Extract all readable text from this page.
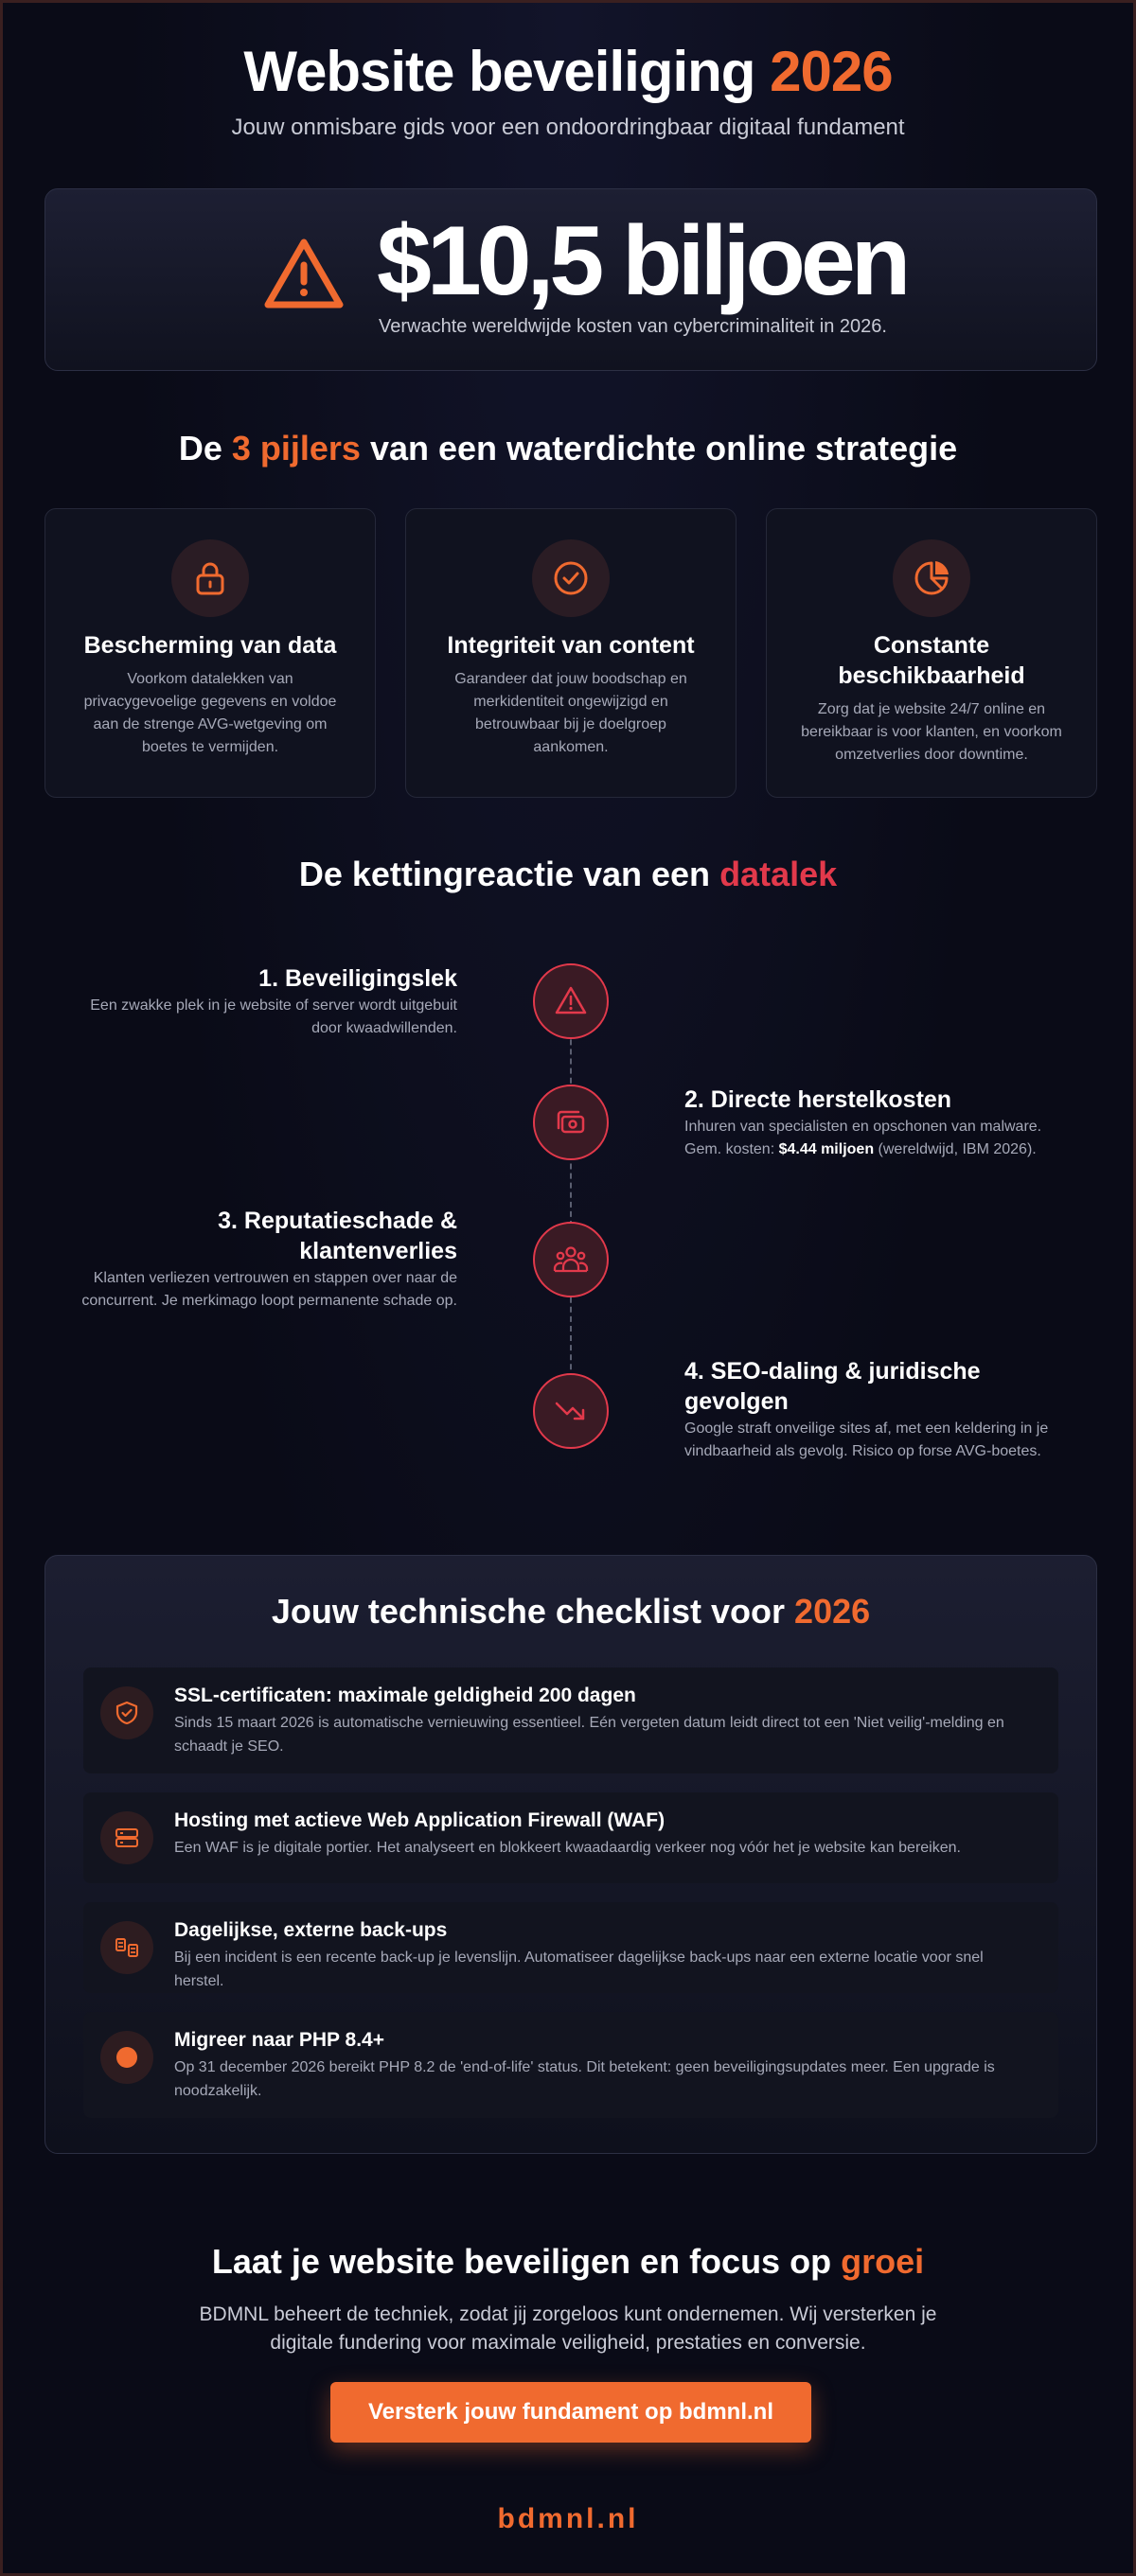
Website beveiliging 2026

Jouw onmisbare gids voor een ondoordringbaar digitaal fundament

$10,5 biljoen
Verwachte wereldwijde kosten van cybercriminaliteit in 2026.
De 3 pijlers van een waterdichte online strategie
Bescherming van data
Voorkom datalekken van privacygevoelige gegevens en voldoe aan de strenge AVG-wetgeving om boetes te vermijden.
Integriteit van content
Garandeer dat jouw boodschap en merkidentiteit ongewijzigd en betrouwbaar bij je doelgroep aankomen.
Constante beschikbaarheid
Zorg dat je website 24/7 online en bereikbaar is voor klanten, en voorkom omzetverlies door downtime.
De kettingreactie van een datalek
1. Beveiligingslek
Een zwakke plek in je website of server wordt uitgebuit door kwaadwillenden.
2. Directe herstelkosten
Inhuren van specialisten en opschonen van malware. Gem. kosten: $4.44 miljoen (wereldwijd, IBM 2026).
3. Reputatieschade & klantenverlies
Klanten verliezen vertrouwen en stappen over naar de concurrent. Je merkimago loopt permanente schade op.
4. SEO-daling & juridische gevolgen
Google straft onveilige sites af, met een keldering in je vindbaarheid als gevolg. Risico op forse AVG-boetes.
Jouw technische checklist voor 2026
SSL-certificaten: maximale geldigheid 200 dagen
Sinds 15 maart 2026 is automatische vernieuwing essentieel. Eén vergeten datum leidt direct tot een 'Niet veilig'-melding en schaadt je SEO.
Hosting met actieve Web Application Firewall (WAF)
Een WAF is je digitale portier. Het analyseert en blokkeert kwaadaardig verkeer nog vóór het je website kan bereiken.
Dagelijkse, externe back-ups
Bij een incident is een recente back-up je levenslijn. Automatiseer dagelijkse back-ups naar een externe locatie voor snel herstel.
Migreer naar PHP 8.4+
Op 31 december 2026 bereikt PHP 8.2 de 'end-of-life' status. Dit betekent: geen beveiligingsupdates meer. Een upgrade is noodzakelijk.
Laat je website beveiligen en focus op groei

BDMNL beheert de techniek, zodat jij zorgeloos kunt ondernemen. Wij versterken je digitale fundering voor maximale veiligheid, prestaties en conversie.

Versterk jouw fundament op bdmnl.nl
bdmnl.nl
